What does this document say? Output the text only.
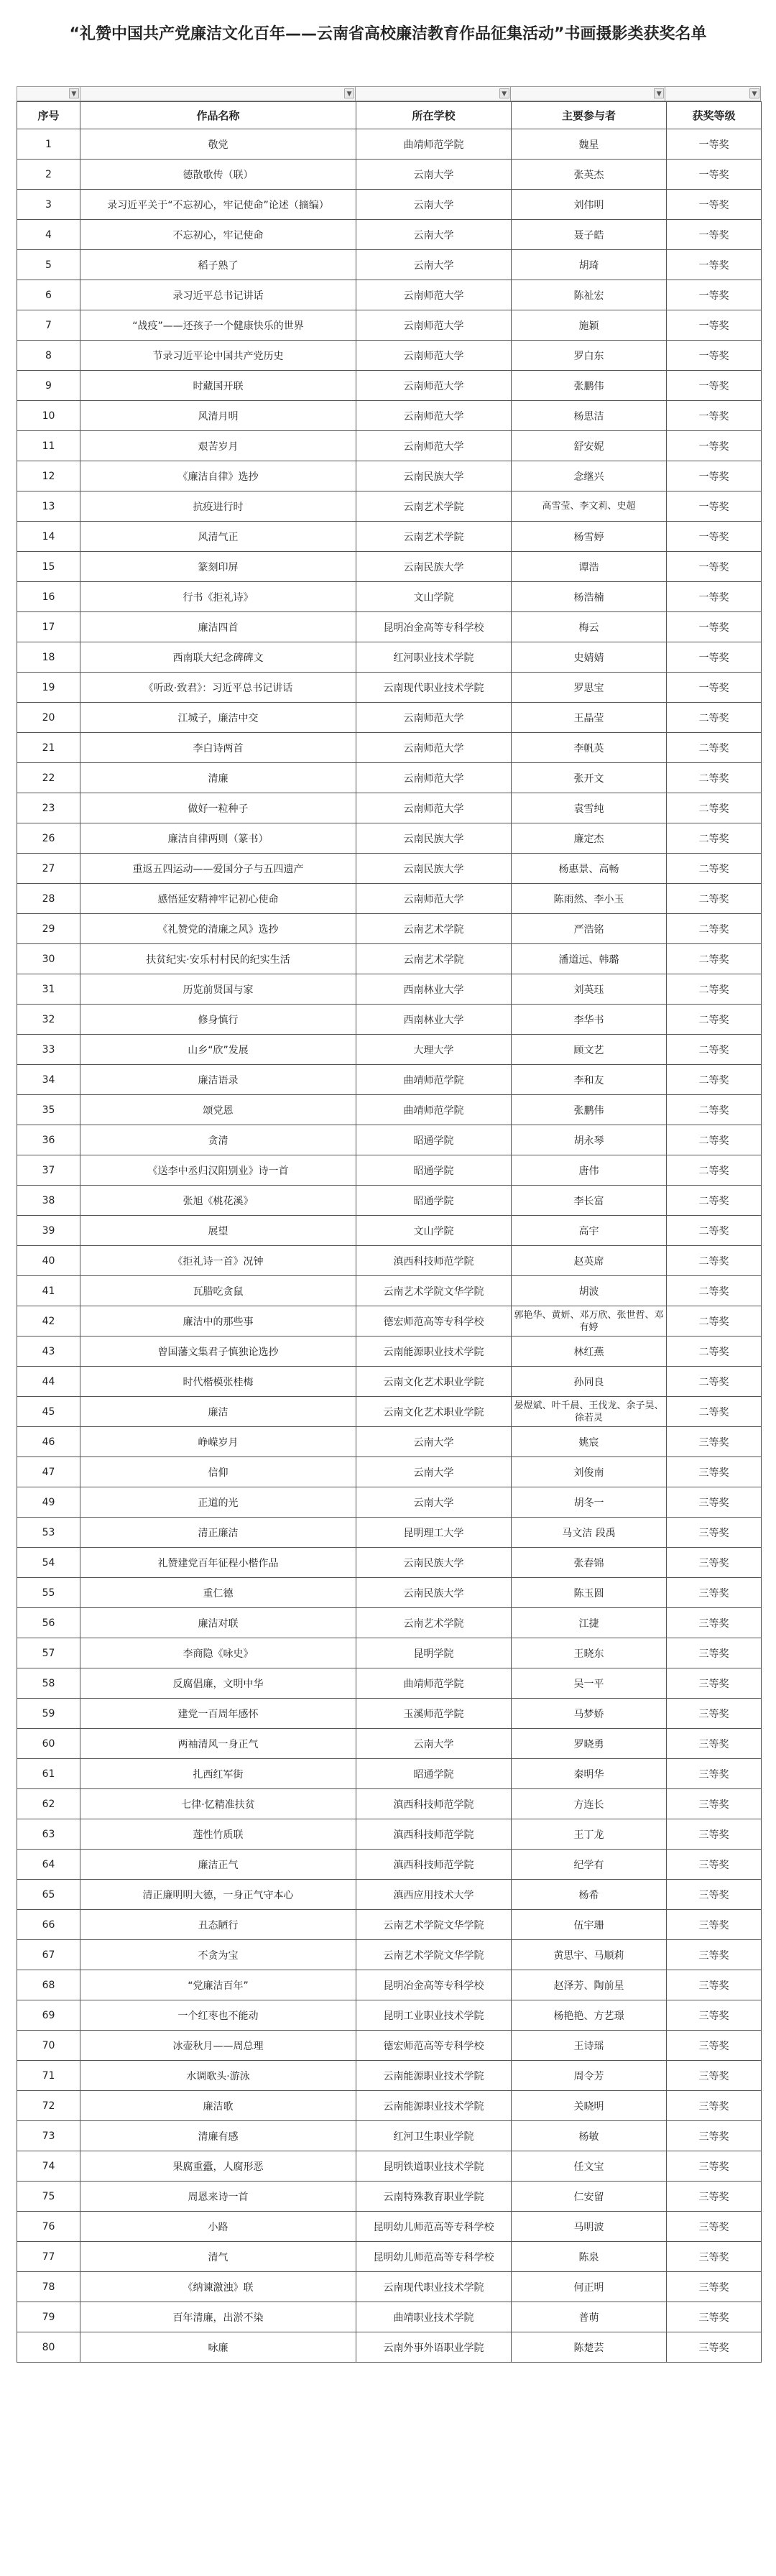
“礼赞中国共产党廉洁文化百年——云南省高校廉洁教育作品征集活动”书画摄影类获奖名单
▼	▼	▼	▼	▼
序号	作品名称	所在学校	主要参与者	获奖等级
1	敬党	曲靖师范学院	魏星	一等奖
2	德散歌传（联）	云南大学	张英杰	一等奖
3	录习近平关于“不忘初心，牢记使命”论述（摘编）	云南大学	刘伟明	一等奖
4	不忘初心，牢记使命	云南大学	聂子皓	一等奖
5	稻子熟了	云南大学	胡琦	一等奖
6	录习近平总书记讲话	云南师范大学	陈祉宏	一等奖
7	“战疫”——还孩子一个健康快乐的世界	云南师范大学	施颖	一等奖
8	节录习近平论中国共产党历史	云南师范大学	罗白东	一等奖
9	时藏国开联	云南师范大学	张鹏伟	一等奖
10	风清月明	云南师范大学	杨思洁	一等奖
11	艰苦岁月	云南师范大学	舒安妮	一等奖
12	《廉洁自律》选抄	云南民族大学	念继兴	一等奖
13	抗疫进行时	云南艺术学院	高雪莹、李文莉、史超	一等奖
14	风清气正	云南艺术学院	杨雪婷	一等奖
15	篆刻印屏	云南民族大学	谭浩	一等奖
16	行书《拒礼诗》	文山学院	杨浩楠	一等奖
17	廉洁四首	昆明冶金高等专科学校	梅云	一等奖
18	西南联大纪念碑碑文	红河职业技术学院	史婧婧	一等奖
19	《听政·致君》：习近平总书记讲话	云南现代职业技术学院	罗思宝	一等奖
20	江城子，廉洁中交	云南师范大学	王晶莹	二等奖
21	李白诗两首	云南师范大学	李帆英	二等奖
22	清廉	云南师范大学	张开文	二等奖
23	做好一粒种子	云南师范大学	袁雪纯	二等奖
26	廉洁自律两则（篆书）	云南民族大学	廉定杰	二等奖
27	重返五四运动——爱国分子与五四遗产	云南民族大学	杨惠景、高畅	二等奖
28	感悟延安精神牢记初心使命	云南师范大学	陈雨然、李小玉	二等奖
29	《礼赞党的清廉之风》选抄	云南艺术学院	严浩铭	二等奖
30	扶贫纪实·安乐村村民的纪实生活	云南艺术学院	潘道远、韩璐	二等奖
31	历览前贤国与家	西南林业大学	刘英珏	二等奖
32	修身慎行	西南林业大学	李华书	二等奖
33	山乡“欣”发展	大理大学	顾文艺	二等奖
34	廉洁语录	曲靖师范学院	李和友	二等奖
35	颂党恩	曲靖师范学院	张鹏伟	二等奖
36	贪清	昭通学院	胡永琴	二等奖
37	《送李中丞归汉阳别业》诗一首	昭通学院	唐伟	二等奖
38	张旭《桃花溪》	昭通学院	李长富	二等奖
39	展望	文山学院	高宇	二等奖
40	《拒礼诗一首》况钟	滇西科技师范学院	赵英席	二等奖
41	瓦腊吃贪鼠	云南艺术学院文华学院	胡波	二等奖
42	廉洁中的那些事	德宏师范高等专科学校	郭艳华、黄妍、邓万欣、张世哲、邓有婷	二等奖
43	曾国藩文集君子慎独论选抄	云南能源职业技术学院	林红燕	二等奖
44	时代楷模张桂梅	云南文化艺术职业学院	孙同良	二等奖
45	廉洁	云南文化艺术职业学院	晏煜斌、叶千晨、王伐龙、余子昊、徐若灵	二等奖
46	峥嵘岁月	云南大学	姚宸	三等奖
47	信仰	云南大学	刘俊南	三等奖
49	正道的光	云南大学	胡冬一	三等奖
53	清正廉洁	昆明理工大学	马文洁 段禹	三等奖
54	礼赞建党百年征程小楷作品	云南民族大学	张春锦	三等奖
55	重仁德	云南民族大学	陈玉圆	三等奖
56	廉洁对联	云南艺术学院	江捷	三等奖
57	李商隐《咏史》	昆明学院	王晓东	三等奖
58	反腐倡廉，文明中华	曲靖师范学院	吴一平	三等奖
59	建党一百周年感怀	玉溪师范学院	马梦娇	三等奖
60	两袖清风一身正气	云南大学	罗晓勇	三等奖
61	扎西红军街	昭通学院	秦明华	三等奖
62	七律·忆精准扶贫	滇西科技师范学院	方连长	三等奖
63	莲性竹质联	滇西科技师范学院	王丁龙	三等奖
64	廉洁正气	滇西科技师范学院	纪学有	三等奖
65	清正廉明明大德，一身正气守本心	滇西应用技术大学	杨希	三等奖
66	丑态陋行	云南艺术学院文华学院	伍宇珊	三等奖
67	不贪为宝	云南艺术学院文华学院	黄思宇、马顺莉	三等奖
68	“党廉洁百年”	昆明冶金高等专科学校	赵泽芳、陶前星	三等奖
69	一个红枣也不能动	昆明工业职业技术学院	杨艳艳、方艺璟	三等奖
70	冰壶秋月——周总理	德宏师范高等专科学校	王诗瑶	三等奖
71	水调歌头·游泳	云南能源职业技术学院	周令芳	三等奖
72	廉洁歌	云南能源职业技术学院	关晓明	三等奖
73	清廉有感	红河卫生职业学院	杨敏	三等奖
74	果腐重蠹，人腐形恶	昆明铁道职业技术学院	任文宝	三等奖
75	周恩来诗一首	云南特殊教育职业学院	仁安留	三等奖
76	小路	昆明幼儿师范高等专科学校	马明波	三等奖
77	清气	昆明幼儿师范高等专科学校	陈泉	三等奖
78	《纳谏激浊》联	云南现代职业技术学院	何正明	三等奖
79	百年清廉，出淤不染	曲靖职业技术学院	普萌	三等奖
80	咏廉	云南外事外语职业学院	陈楚芸	三等奖
